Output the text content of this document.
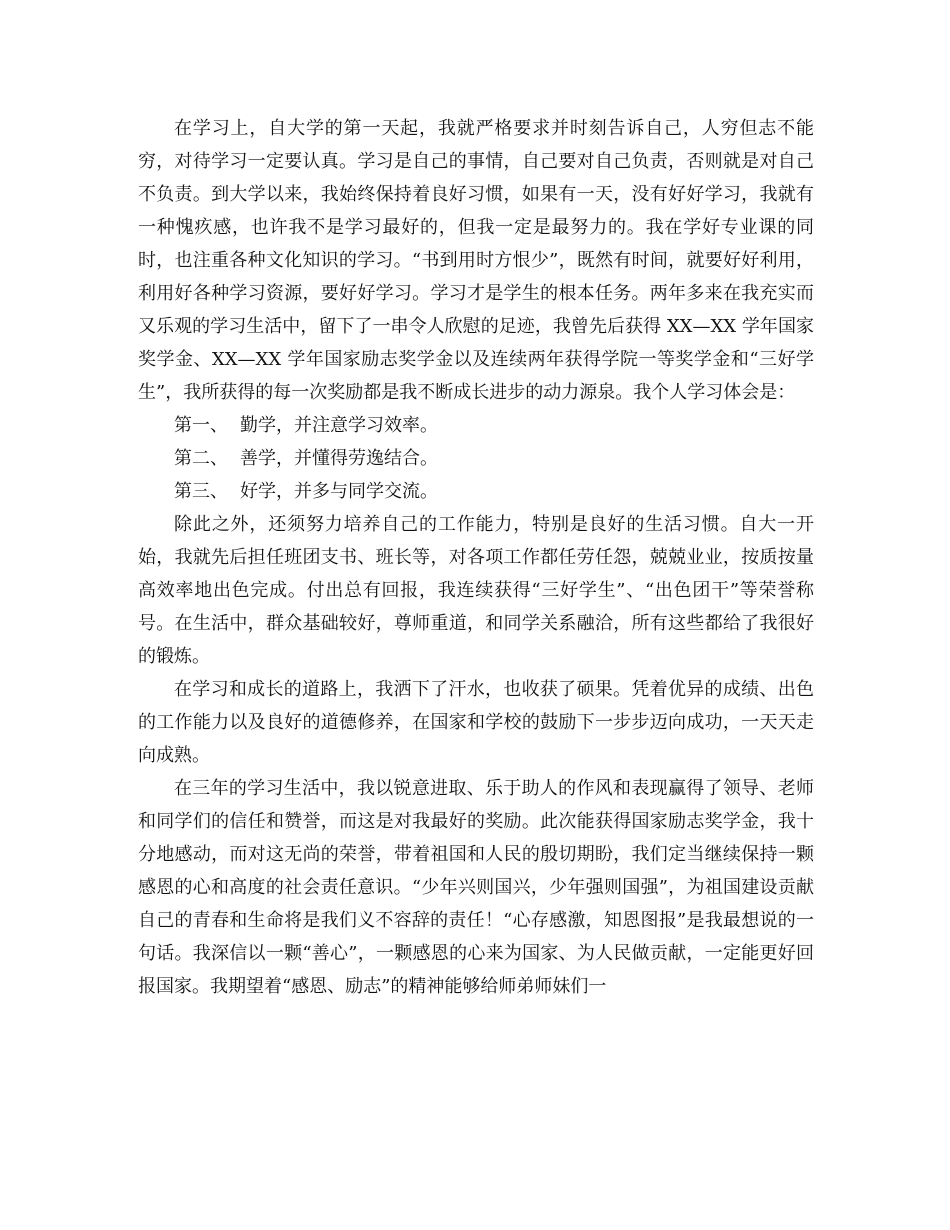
在学习上，自大学的第一天起，我就严格要求并时刻告诉自己，人穷但志不能穷，对待学习一定要认真。学习是自己的事情，自己要对自己负责，否则就是对自己不负责。到大学以来，我始终保持着良好习惯，如果有一天，没有好好学习，我就有一种愧疚感，也许我不是学习最好的，但我一定是最努力的。我在学好专业课的同时，也注重各种文化知识的学习。“书到用时方恨少”，既然有时间，就要好好利用，利用好各种学习资源，要好好学习。学习才是学生的根本任务。两年多来在我充实而又乐观的学习生活中，留下了一串令人欣慰的足迹，我曾先后获得 XX—XX 学年国家奖学金、XX—XX 学年国家励志奖学金以及连续两年获得学院一等奖学金和“三好学生”，我所获得的每一次奖励都是我不断成长进步的动力源泉。我个人学习体会是：

第一、 勤学，并注意学习效率。

第二、 善学，并懂得劳逸结合。

第三、 好学，并多与同学交流。

除此之外，还须努力培养自己的工作能力，特别是良好的生活习惯。自大一开始，我就先后担任班团支书、班长等，对各项工作都任劳任怨，兢兢业业，按质按量高效率地出色完成。付出总有回报，我连续获得“三好学生”、“出色团干”等荣誉称号。在生活中，群众基础较好，尊师重道，和同学关系融洽，所有这些都给了我很好的锻炼。

在学习和成长的道路上，我洒下了汗水，也收获了硕果。凭着优异的成绩、出色的工作能力以及良好的道德修养，在国家和学校的鼓励下一步步迈向成功，一天天走向成熟。

在三年的学习生活中，我以锐意进取、乐于助人的作风和表现赢得了领导、老师和同学们的信任和赞誉，而这是对我最好的奖励。此次能获得国家励志奖学金，我十分地感动，而对这无尚的荣誉，带着祖国和人民的殷切期盼，我们定当继续保持一颗感恩的心和高度的社会责任意识。“少年兴则国兴，少年强则国强”，为祖国建设贡献自己的青春和生命将是我们义不容辞的责任！“心存感激，知恩图报”是我最想说的一句话。我深信以一颗“善心”，一颗感恩的心来为国家、为人民做贡献，一定能更好回报国家。我期望着“感恩、励志”的精神能够给师弟师妹们一
